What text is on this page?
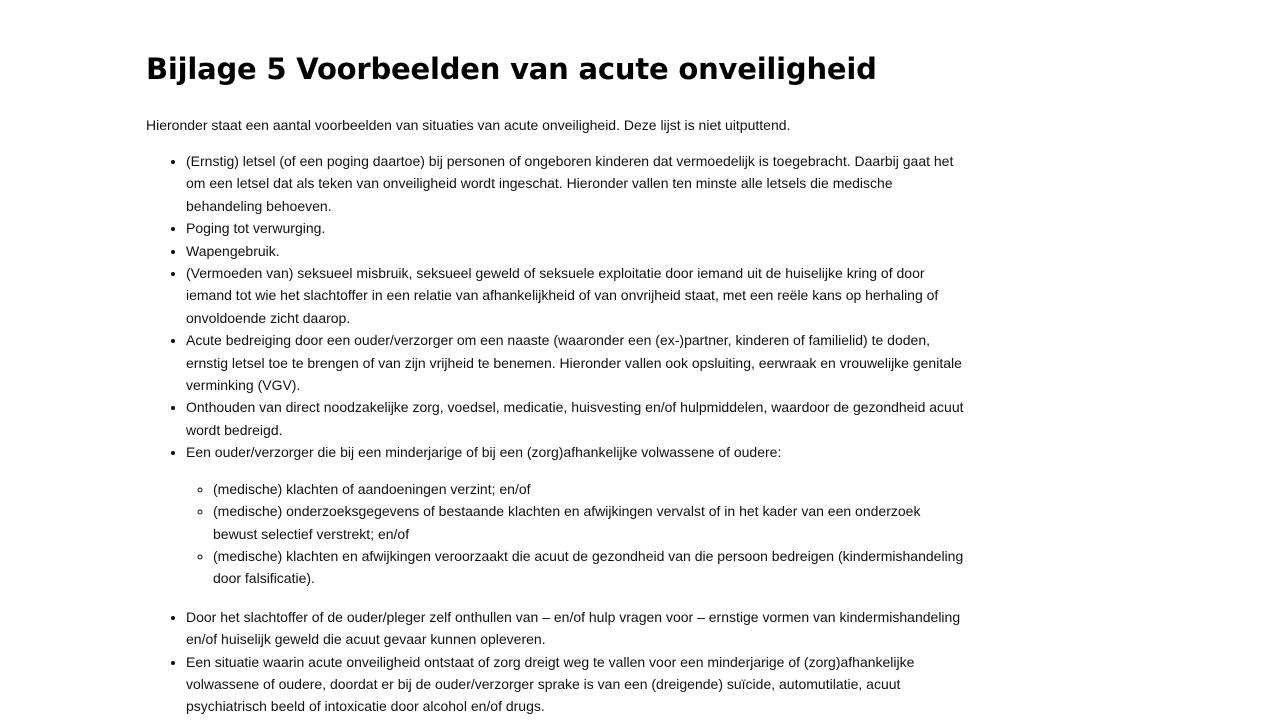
Bijlage 5 Voorbeelden van acute onveiligheid

Hieronder staat een aantal voorbeelden van situaties van acute onveiligheid. Deze lijst is niet uitputtend.

• (Ernstig) letsel (of een poging daartoe) bij personen of ongeboren kinderen dat vermoedelijk is toegebracht. Daarbij gaat het om een letsel dat als teken van onveiligheid wordt ingeschat. Hieronder vallen ten minste alle letsels die medische behandeling behoeven.
• Poging tot verwurging.
• Wapengebruik.
• (Vermoeden van) seksueel misbruik, seksueel geweld of seksuele exploitatie door iemand uit de huiselijke kring of door iemand tot wie het slachtoffer in een relatie van afhankelijkheid of van onvrijheid staat, met een reële kans op herhaling of onvoldoende zicht daarop.
• Acute bedreiging door een ouder/verzorger om een naaste (waaronder een (ex-)partner, kinderen of familielid) te doden, ernstig letsel toe te brengen of van zijn vrijheid te benemen. Hieronder vallen ook opsluiting, eerwraak en vrouwelijke genitale verminking (VGV).
• Onthouden van direct noodzakelijke zorg, voedsel, medicatie, huisvesting en/of hulpmiddelen, waardoor de gezondheid acuut wordt bedreigd.
• Een ouder/verzorger die bij een minderjarige of bij een (zorg)afhankelijke volwassene of oudere:
◦ (medische) klachten of aandoeningen verzint; en/of
◦ (medische) onderzoeksgegevens of bestaande klachten en afwijkingen vervalst of in het kader van een onderzoek bewust selectief verstrekt; en/of
◦ (medische) klachten en afwijkingen veroorzaakt die acuut de gezondheid van die persoon bedreigen (kindermishandeling door falsificatie).
• Door het slachtoffer of de ouder/pleger zelf onthullen van – en/of hulp vragen voor – ernstige vormen van kindermishandeling en/of huiselijk geweld die acuut gevaar kunnen opleveren.
• Een situatie waarin acute onveiligheid ontstaat of zorg dreigt weg te vallen voor een minderjarige of (zorg)afhankelijke volwassene of oudere, doordat er bij de ouder/verzorger sprake is van een (dreigende) suïcide, automutilatie, acuut psychiatrisch beeld of intoxicatie door alcohol en/of drugs.
